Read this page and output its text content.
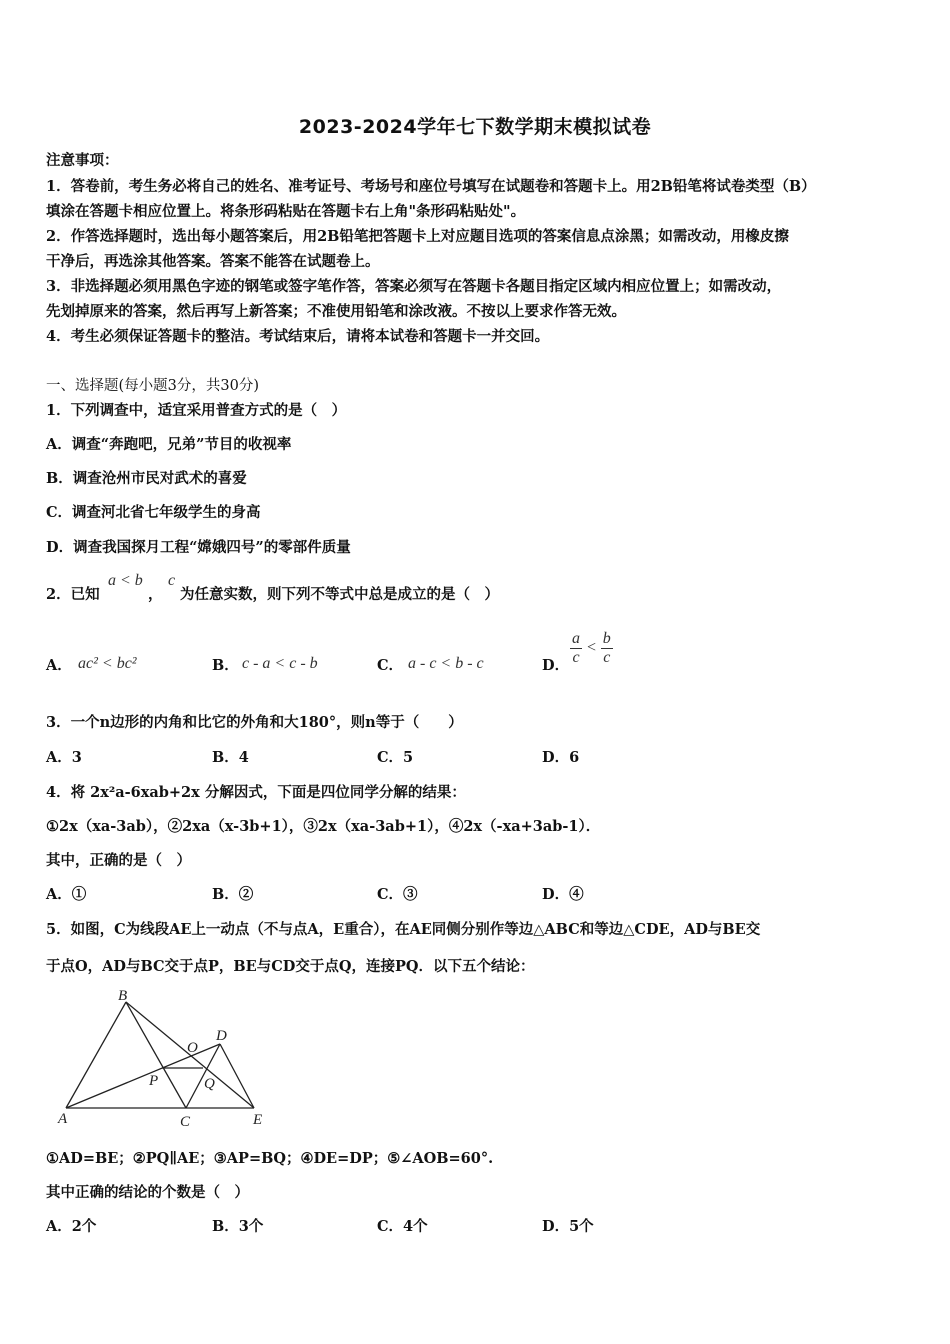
2023-2024学年七下数学期末模拟试卷
注意事项：
1．答卷前，考生务必将自己的姓名、准考证号、考场号和座位号填写在试题卷和答题卡上。用2B铅笔将试卷类型（B）
填涂在答题卡相应位置上。将条形码粘贴在答题卡右上角"条形码粘贴处"。
2．作答选择题时，选出每小题答案后，用2B铅笔把答题卡上对应题目选项的答案信息点涂黑；如需改动，用橡皮擦
干净后，再选涂其他答案。答案不能答在试题卷上。
3．非选择题必须用黑色字迹的钢笔或签字笔作答，答案必须写在答题卡各题目指定区域内相应位置上；如需改动，
先划掉原来的答案，然后再写上新答案；不准使用铅笔和涂改液。不按以上要求作答无效。
4．考生必须保证答题卡的整洁。考试结束后，请将本试卷和答题卡一并交回。
一、选择题(每小题3分，共30分)
1．下列调查中，适宜采用普查方式的是（　）
A．调查“奔跑吧，兄弟”节目的收视率
B．调查沧州市民对武术的喜爱
C．调查河北省七年级学生的身高
D．调查我国探月工程“嫦娥四号”的零部件质量
2．已知
a < b
，
c
为任意实数，则下列不等式中总是成立的是（　）
A． ac² < bc²	B． c - a < c - b	C． a - c < b - c	D． $\frac{a}{c} < \frac{b}{c}$
3．一个n边形的内角和比它的外角和大180°，则n等于（　　）
A．3	B．4	C．5	D．6
4．将 2x²a-6xab+2x 分解因式，下面是四位同学分解的结果：
①2x（xa-3ab），②2xa（x-3b+1），③2x（xa-3ab+1），④2x（-xa+3ab-1）．
其中，正确的是（　）
A．①	B．②	C．③	D．④
5．如图，C为线段AE上一动点（不与点A，E重合），在AE同侧分别作等边△ABC和等边△CDE，AD与BE交
于点O，AD与BC交于点P，BE与CD交于点Q，连接PQ．以下五个结论：
B
D
O
P	Q
A	C	E
①AD=BE；②PQ∥AE；③AP=BQ；④DE=DP；⑤∠AOB=60°.
其中正确的结论的个数是（　）
A．2个	B．3个	C．4个	D．5个
